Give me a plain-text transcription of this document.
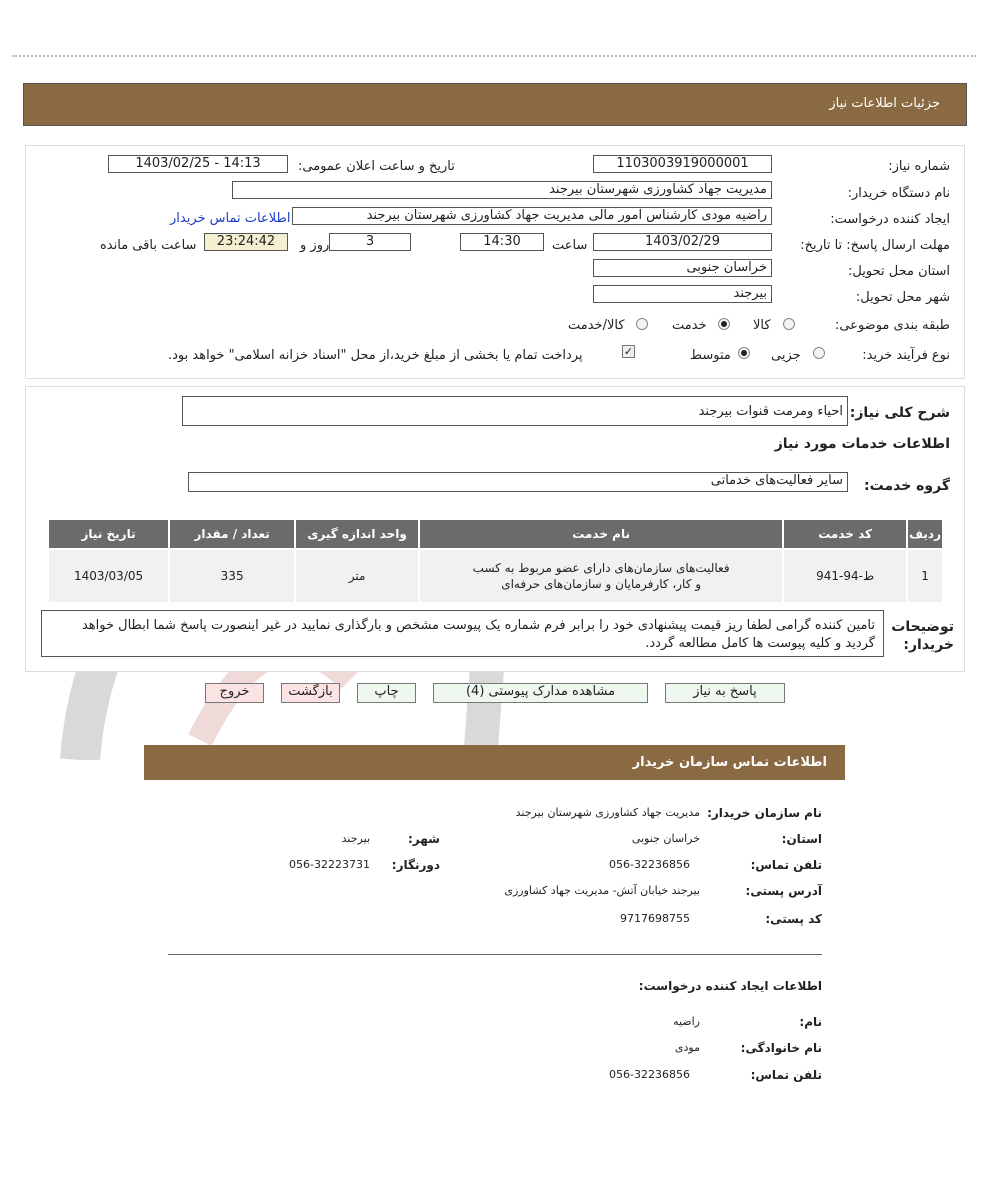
جزئیات اطلاعات نیاز
شماره نیاز:
1103003919000001
تاریخ و ساعت اعلان عمومی:
1403/02/25 - 14:13
نام دستگاه خریدار:
مدیریت جهاد کشاورزی شهرستان بیرجند
ایجاد کننده درخواست:
راضیه مودی کارشناس امور مالی مدیریت جهاد کشاورزی شهرستان بیرجند
اطلاعات تماس خریدار
مهلت ارسال پاسخ: تا تاریخ:
1403/02/29
ساعت
14:30
3
روز و
23:24:42
ساعت باقی مانده
استان محل تحویل:
خراسان جنوبی
شهر محل تحویل:
بیرجند
طبقه بندی موضوعی:
کالا
خدمت
کالا/خدمت
نوع فرآیند خرید:
جزیی
متوسط
✓
پرداخت تمام یا بخشی از مبلغ خرید،از محل "اسناد خزانه اسلامی" خواهد بود.
شرح کلی نیاز:
احیاء ومرمت قنوات بیرجند
اطلاعات خدمات مورد نیاز
گروه خدمت:
سایر فعالیت‌های خدماتی
ردیف	کد خدمت	نام خدمت	واحد اندازه گیری	تعداد / مقدار	تاریخ نیاز
1	ط-94-941	فعالیت‌های سازمان‌های دارای عضو مربوط به کسب و کار، کارفرمایان و سازمان‌های حرفه‌ای	متر	335	1403/03/05
توضیحات خریدار:
تامین کننده گرامی لطفا ریز قیمت پیشنهادی خود را برابر فرم شماره یک پیوست مشخص و بارگذاری نمایید در غیر اینصورت پاسخ شما ابطال خواهد گردید و کلیه پیوست ها کامل مطالعه گردد.
پاسخ به نیاز
مشاهده مدارک پیوستی (4)
چاپ
بازگشت
خروج
اطلاعات تماس سازمان خریدار
نام سازمان خریدار:
مدیریت جهاد کشاورزی شهرستان بیرجند
استان:
خراسان جنوبی
شهر:
بیرجند
تلفن تماس:
056-32236856
دورنگار:
056-32223731
آدرس پستی:
بیرجند خیابان آتش- مدیریت جهاد کشاورزی
کد پستی:
9717698755
اطلاعات ایجاد کننده درخواست:
نام:
راضیه
نام خانوادگی:
مودی
تلفن تماس:
056-32236856
